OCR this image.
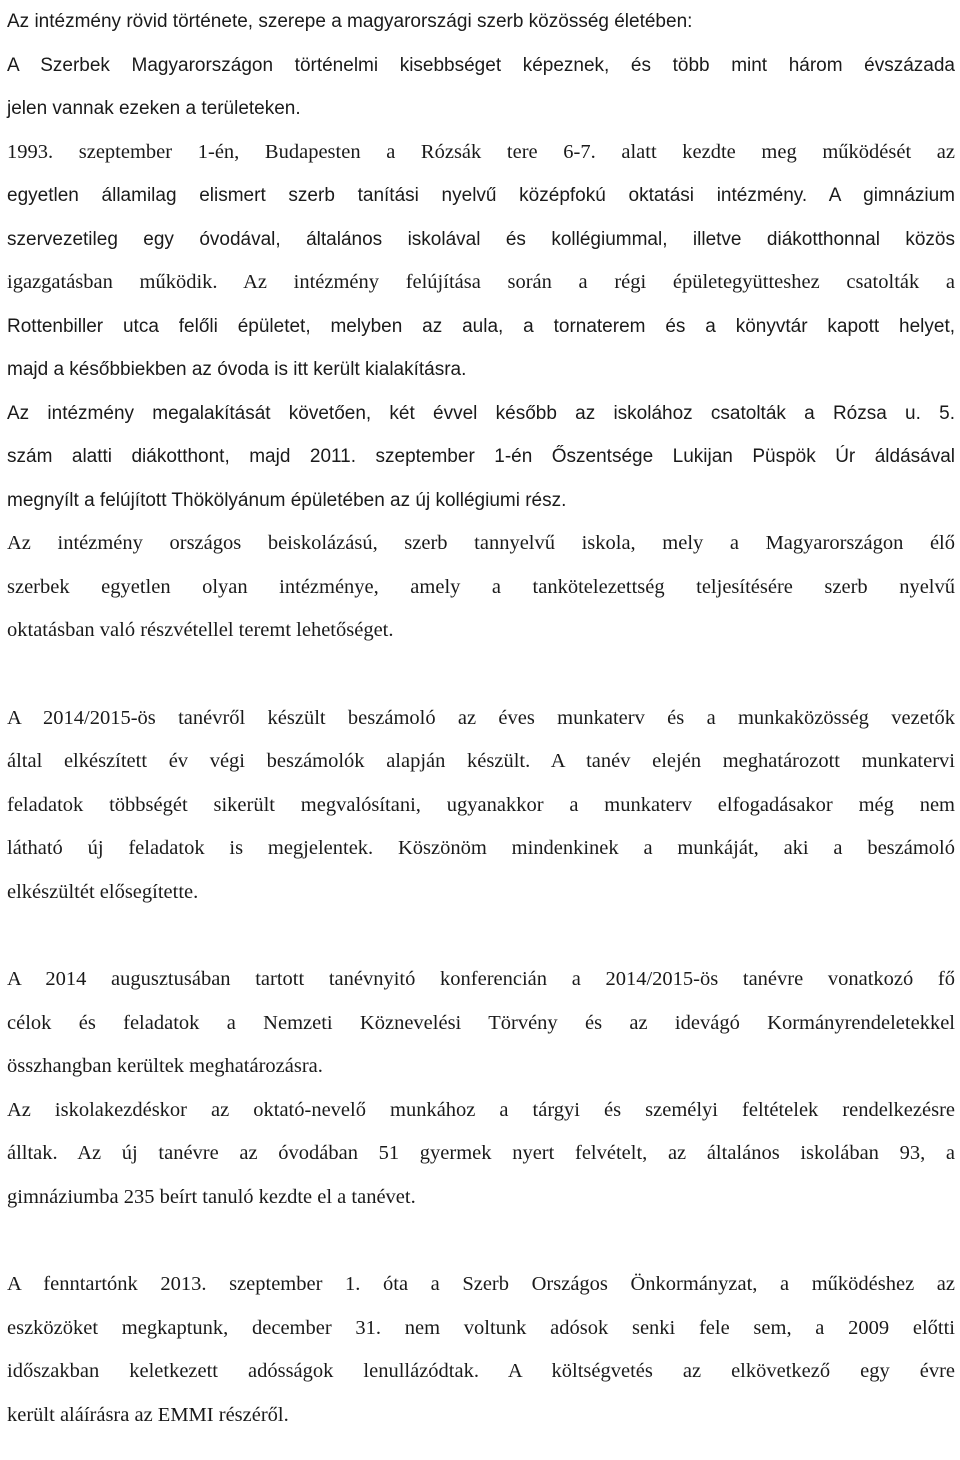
Az intézmény rövid története, szerepe a magyarországi szerb közösség életében:
A Szerbek Magyarországon történelmi kisebbséget képeznek, és több mint három évszázada
jelen vannak ezeken a területeken.
1993. szeptember 1-én, Budapesten a Rózsák tere 6-7. alatt kezdte meg működését az
egyetlen államilag elismert szerb tanítási nyelvű középfokú oktatási intézmény. A gimnázium
szervezetileg egy óvodával, általános iskolával és kollégiummal, illetve diákotthonnal közös
igazgatásban működik. Az intézmény felújítása során a régi épületegyütteshez csatolták a
Rottenbiller utca felőli épületet, melyben az aula, a tornaterem és a könyvtár kapott helyet,
majd a későbbiekben az óvoda is itt került kialakításra.
Az intézmény megalakítását követően, két évvel később az iskolához csatolták a Rózsa u. 5.
szám alatti diákotthont, majd 2011. szeptember 1-én Őszentsége Lukijan Püspök Úr áldásával
megnyílt a felújított Thökölyánum épületében az új kollégiumi rész.
Az intézmény országos beiskolázású, szerb tannyelvű iskola, mely a Magyarországon élő
szerbek egyetlen olyan intézménye, amely a tankötelezettség teljesítésére szerb nyelvű
oktatásban való részvétellel teremt lehetőséget.
A 2014/2015-ös tanévről készült beszámoló az éves munkaterv és a munkaközösség vezetők
által elkészített év végi beszámolók alapján készült. A tanév elején meghatározott munkatervi
feladatok többségét sikerült megvalósítani, ugyanakkor a munkaterv elfogadásakor még nem
látható új feladatok is megjelentek. Köszönöm mindenkinek a munkáját, aki a beszámoló
elkészültét elősegítette.
A 2014 augusztusában tartott tanévnyitó konferencián a 2014/2015-ös tanévre vonatkozó fő
célok és feladatok a Nemzeti Köznevelési Törvény és az idevágó Kormányrendeletekkel
összhangban kerültek meghatározásra.
Az iskolakezdéskor az oktató-nevelő munkához a tárgyi és személyi feltételek rendelkezésre
álltak. Az új tanévre az óvodában 51 gyermek nyert felvételt, az általános iskolában 93, a
gimnáziumba 235 beírt tanuló kezdte el a tanévet.
A fenntartónk 2013. szeptember 1. óta a Szerb Országos Önkormányzat, a működéshez az
eszközöket megkaptunk, december 31. nem voltunk adósok senki fele sem, a 2009 előtti
időszakban keletkezett adósságok lenullázódtak. A költségvetés az elkövetkező egy évre
került aláírásra az EMMI részéről.
